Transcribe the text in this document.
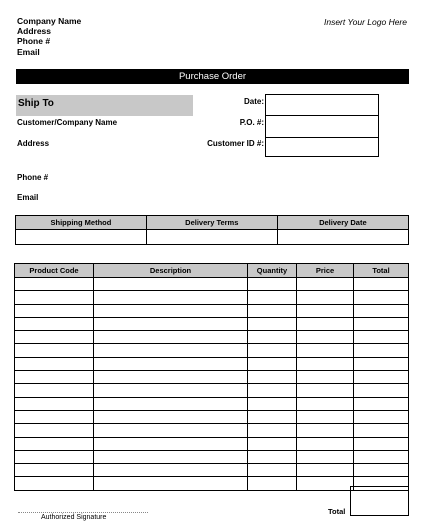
Company Name
Address
Phone #
Email
Insert Your Logo Here
Purchase Order
Ship To
Customer/Company Name
Address
Phone #
Email
Date:
P.O. #:
Customer ID #:
Shipping Method	Delivery Terms	Delivery Date

Product Code	Description	Quantity	Price	Total

Total
Authorized Signature
